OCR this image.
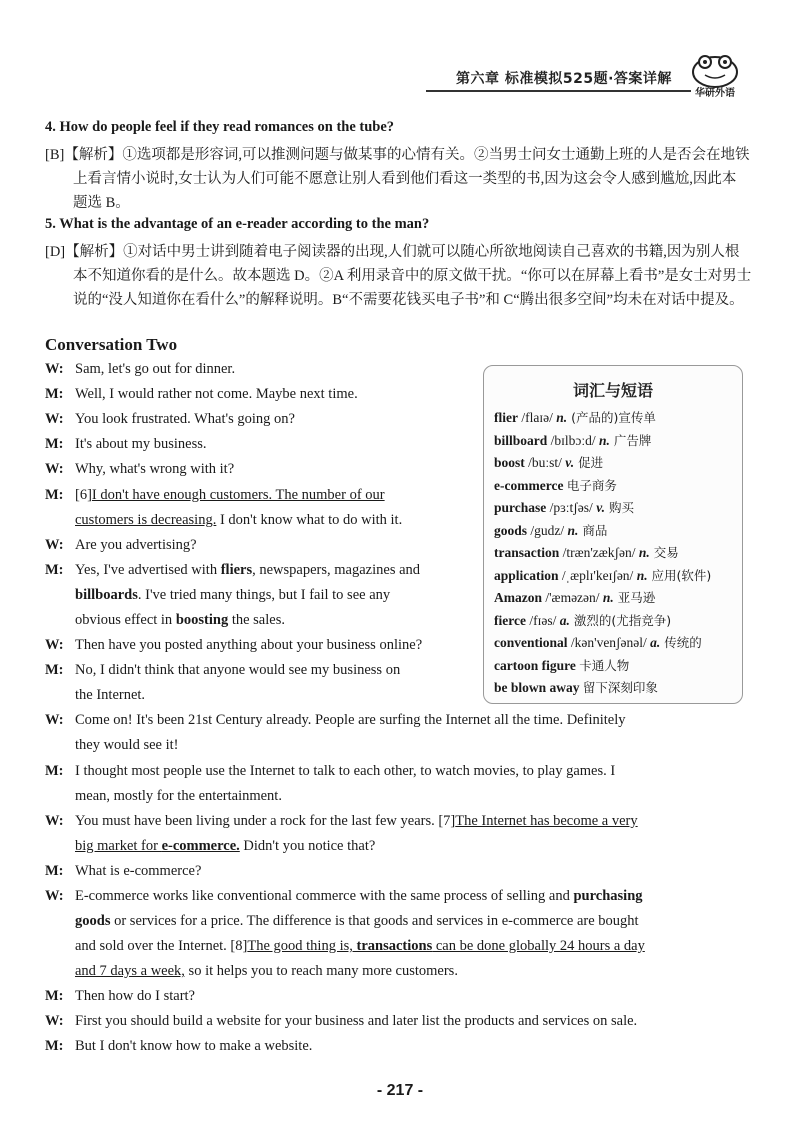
第六章 标准模拟525题·答案详解
华研外语
4. How do people feel if they read romances on the tube?
[B]【解析】①选项都是形容词,可以推测问题与做某事的心情有关。②当男士问女士通勤上班的人是否会在地铁
上看言情小说时,女士认为人们可能不愿意让别人看到他们看这一类型的书,因为这会令人感到尴尬,因此本
题选 B。
5. What is the advantage of an e-reader according to the man?
[D]【解析】①对话中男士讲到随着电子阅读器的出现,人们就可以随心所欲地阅读自己喜欢的书籍,因为别人根
本不知道你看的是什么。故本题选 D。②A 利用录音中的原文做干扰。“你可以在屏幕上看书”是女士对男士
说的“没人知道你在看什么”的解释说明。B“不需要花钱买电子书”和 C“腾出很多空间”均未在对话中提及。
Conversation Two
W: Sam, let's go out for dinner.
M: Well, I would rather not come. Maybe next time.
W: You look frustrated. What's going on?
M: It's about my business.
W: Why, what's wrong with it?
M: [6]I don't have enough customers. The number of our
customers is decreasing. I don't know what to do with it.
W: Are you advertising?
M: Yes, I've advertised with fliers, newspapers, magazines and
billboards. I've tried many things, but I fail to see any
obvious effect in boosting the sales.
W: Then have you posted anything about your business online?
M: No, I didn't think that anyone would see my business on
the Internet.
W: Come on! It's been 21st Century already. People are surfing the Internet all the time. Definitely
they would see it!
M: I thought most people use the Internet to talk to each other, to watch movies, to play games. I
mean, mostly for the entertainment.
W: You must have been living under a rock for the last few years. [7]The Internet has become a very
big market for e-commerce. Didn't you notice that?
M: What is e-commerce?
W: E-commerce works like conventional commerce with the same process of selling and purchasing
goods or services for a price. The difference is that goods and services in e-commerce are bought
and sold over the Internet. [8]The good thing is, transactions can be done globally 24 hours a day
and 7 days a week, so it helps you to reach many more customers.
M: Then how do I start?
W: First you should build a website for your business and later list the products and services on sale.
M: But I don't know how to make a website.
词汇与短语
flier /flaɪə/ n. (产品的)宣传单
billboard /bɪlbɔːd/ n. 广告牌
boost /buːst/ v. 促进
e-commerce 电子商务
purchase /pɜːtʃəs/ v. 购买
goods /gudz/ n. 商品
transaction /træn'zækʃən/ n. 交易
application /ˌæplɪ'keɪʃən/ n. 应用(软件)
Amazon /'æməzən/ n. 亚马逊
fierce /fɪəs/ a. 激烈的(尤指竞争)
conventional /kən'venʃənəl/ a. 传统的
cartoon figure 卡通人物
be blown away 留下深刻印象
- 217 -
